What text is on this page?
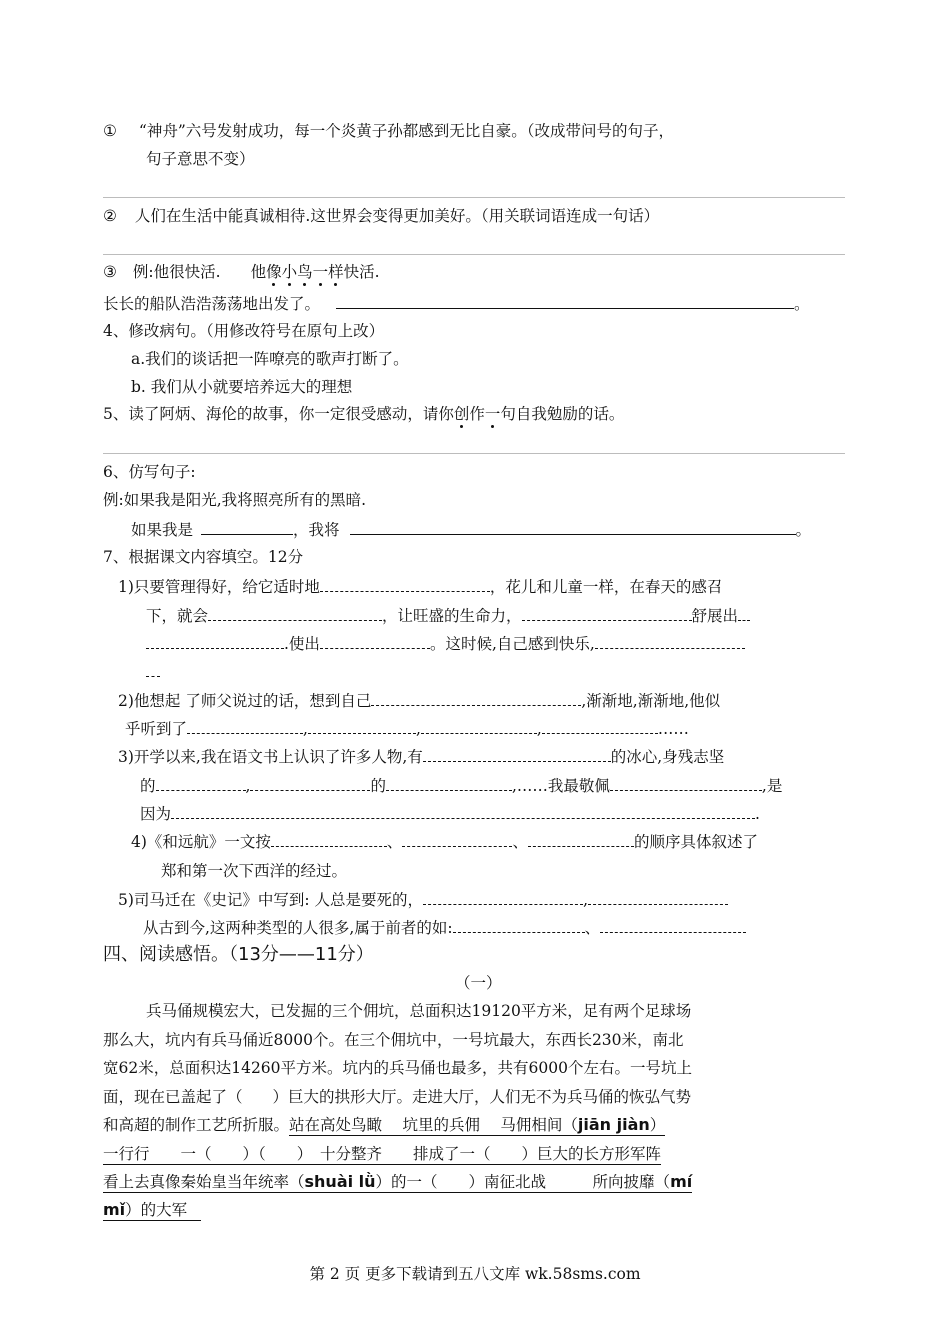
① “神舟”六号发射成功，每一个炎黄子孙都感到无比自豪。（改成带问号的句子，
句子意思不变）
② 人们在生活中能真诚相待.这世界会变得更加美好。（用关联词语连成一句话）
③ 例:他很快活. 他像小鸟一样快活.
长长的船队浩浩荡荡地出发了。	。
4、修改病句。（用修改符号在原句上改）
a.我们的谈话把一阵嘹亮的歌声打断了。
b. 我们从小就要培养远大的理想
5、读了阿炳、海伦的故事，你一定很受感动，请你创作一句自我勉励的话。
6、仿写句子:
例:如果我是阳光,我将照亮所有的黑暗.
如果我是	，我将	。
7、根据课文内容填空。12分
1)只要管理得好，给它适时地	，花儿和儿童一样，在春天的感召
下，就会	，让旺盛的生命力，	舒展出
.使出	。这时候,自己感到快乐,
2)他想起 了师父说过的话，想到自己	,渐渐地,渐渐地,他似
乎听到了	,	,	,	……
3)开学以来,我在语文书上认识了许多人物,有	的冰心,身残志坚
的	,	的	,……我最敬佩	,是
因为	.
4)《和远航》一文按	、	、	的顺序具体叙述了
郑和第一次下西洋的经过。
5)司马迁在《史记》中写到: 人总是要死的，	,
从古到今,这两种类型的人很多,属于前者的如:	、
四、阅读感悟。（13分——11分）
（一）
兵马俑规模宏大，已发掘的三个佣坑，总面积达19120平方米，足有两个足球场
那么大，坑内有兵马俑近8000个。在三个佣坑中，一号坑最大，东西长230米，南北
宽62米，总面积达14260平方米。坑内的兵马俑也最多，共有6000个左右。一号坑上
面，现在已盖起了（ ）巨大的拱形大厅。走进大厅，人们无不为兵马俑的恢弘气势
和高超的制作工艺所折服。站在高处鸟瞰　 坑里的兵佣　 马佣相间（jiān jiàn）
一行行　　一（　　）（　　）　十分整齐　　排成了一（　　）巨大的长方形军阵
看上去真像秦始皇当年统率（shuài lǜ）的一（　　）南征北战　　　所向披靡（mí
mǐ）的大军
第 2 页 更多下载请到五八文库 wk.58sms.com
